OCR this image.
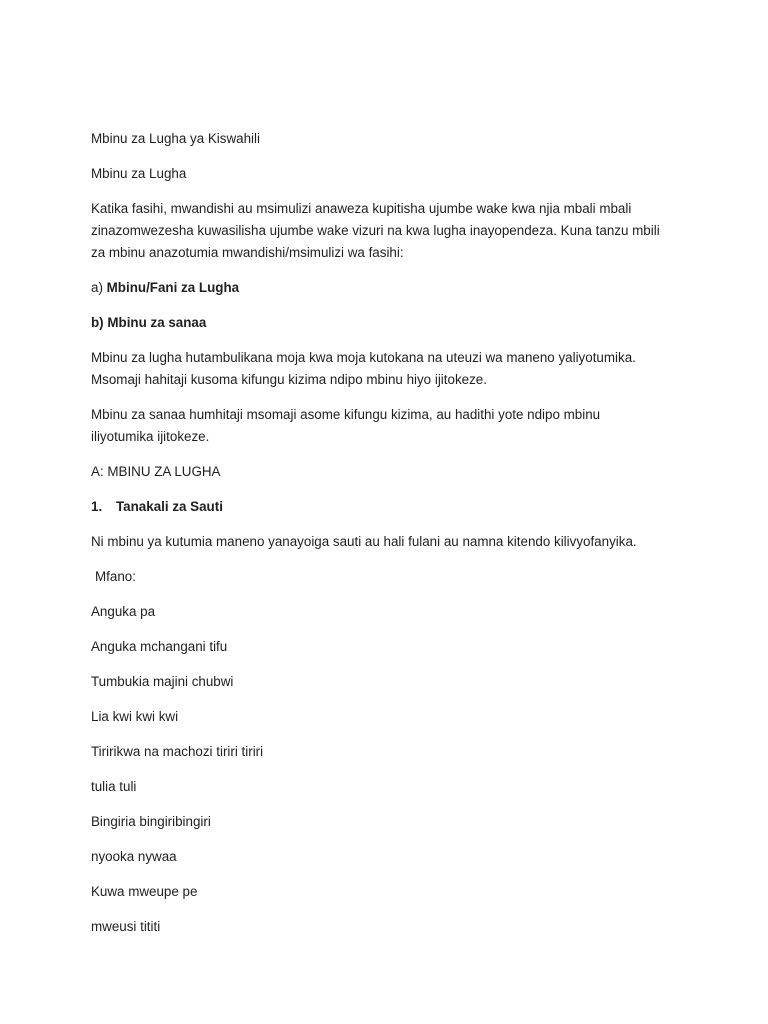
Mbinu za Lugha ya Kiswahili

Mbinu za Lugha

Katika fasihi, mwandishi au msimulizi anaweza kupitisha ujumbe wake kwa njia mbali mbali

zinazomwezesha kuwasilisha ujumbe wake vizuri na kwa lugha inayopendeza. Kuna tanzu mbili

za mbinu anazotumia mwandishi/msimulizi wa fasihi:

a) Mbinu/Fani za Lugha

b) Mbinu za sanaa

Mbinu za lugha hutambulikana moja kwa moja kutokana na uteuzi wa maneno yaliyotumika.

Msomaji hahitaji kusoma kifungu kizima ndipo mbinu hiyo ijitokeze.

Mbinu za sanaa humhitaji msomaji asome kifungu kizima, au hadithi yote ndipo mbinu

iliyotumika ijitokeze.

A: MBINU ZA LUGHA

1. Tanakali za Sauti

Ni mbinu ya kutumia maneno yanayoiga sauti au hali fulani au namna kitendo kilivyofanyika.

Mfano:

Anguka pa

Anguka mchangani tifu

Tumbukia majini chubwi

Lia kwi kwi kwi

Tiririkwa na machozi tiriri tiriri

tulia tuli

Bingiria bingiribingiri

nyooka nywaa

Kuwa mweupe pe

mweusi tititi
